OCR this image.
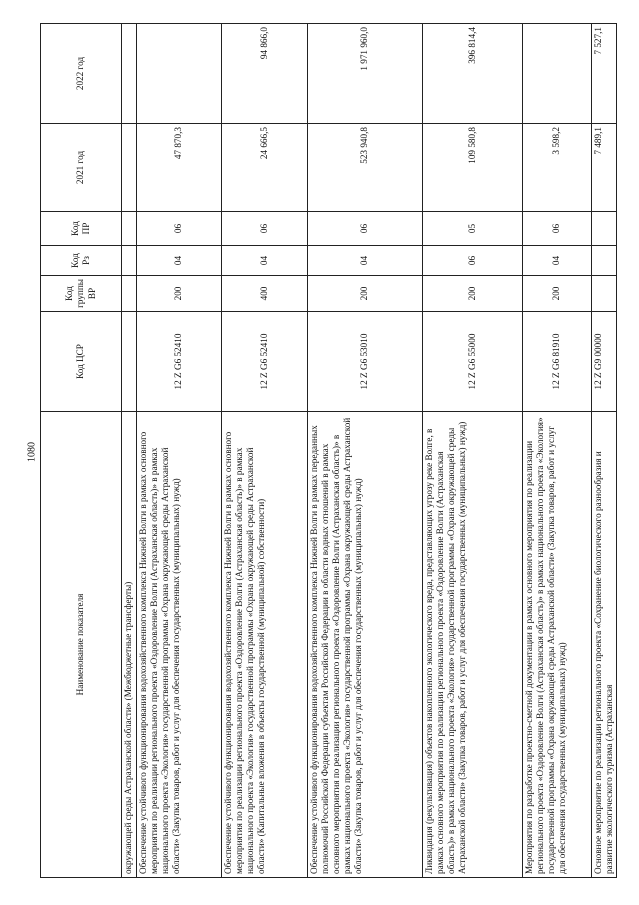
1080
Наименование показателя	Код ЦСР	Код группы ВР	Код Рз	Код ПР	2021 год	2022 год
окружающей среды Астраханской области» (Межбюджетные трансферты)						
Обеспечение устойчивого функционирования водохозяйственного комплекса Нижней Волги в рамках основного мероприятия по реализации регионального проекта «Оздоровление Волги (Астраханская область)» в рамках национального проекта «Экология» государственной программы «Охрана окружающей среды Астраханской области» (Закупка товаров, работ и услуг для обеспечения государственных (муниципальных) нужд)	12 Z G6 52410	200	04	06	47 870,3	
Обеспечение устойчивого функционирования водохозяйственного комплекса Нижней Волги в рамках основного мероприятия по реализации регионального проекта «Оздоровление Волги (Астраханская область)» в рамках национального проекта «Экология» государственной программы «Охрана окружающей среды Астраханской области» (Капитальные вложения в объекты государственной (муниципальной) собственности)	12 Z G6 52410	400	04	06	24 666,5	94 866,0
Обеспечение устойчивого функционирования водохозяйственного комплекса Нижней Волги в рамках переданных полномочий Российской Федерации субъектам Российской Федерации в области водных отношений в рамках основного мероприятия по реализации регионального проекта «Оздоровление Волги (Астраханская область)» в рамках национального проекта «Экология» государственной программы «Охрана окружающей среды Астраханской области» (Закупка товаров, работ и услуг для обеспечения государственных (муниципальных) нужд)	12 Z G6 53010	200	04	06	523 940,8	1 971 960,0
Ликвидация (рекультивация) объектов накопленного экологического вреда, представляющих угрозу реке Волге, в рамках основного мероприятия по реализации регионального проекта «Оздоровление Волги (Астраханская область)» в рамках национального проекта «Экология» государственной программы «Охрана окружающей среды Астраханской области» (Закупка товаров, работ и услуг для обеспечения государственных (муниципальных) нужд)	12 Z G6 55000	200	06	05	109 580,8	396 814,4
Мероприятия по разработке проектно-сметной документации в рамках основного мероприятия по реализации регионального проекта «Оздоровление Волги (Астраханская область)» в рамках национального проекта «Экология» государственной программы «Охрана окружающей среды Астраханской области» (Закупка товаров, работ и услуг для обеспечения государственных (муниципальных) нужд)	12 Z G6 81910	200	04	06	3 598,2	
Основное мероприятие по реализации регионального проекта «Сохранение биологического разнообразия и развитие экологического туризма (Астраханская	12 Z G9 00000				7 489,1	7 527,1
